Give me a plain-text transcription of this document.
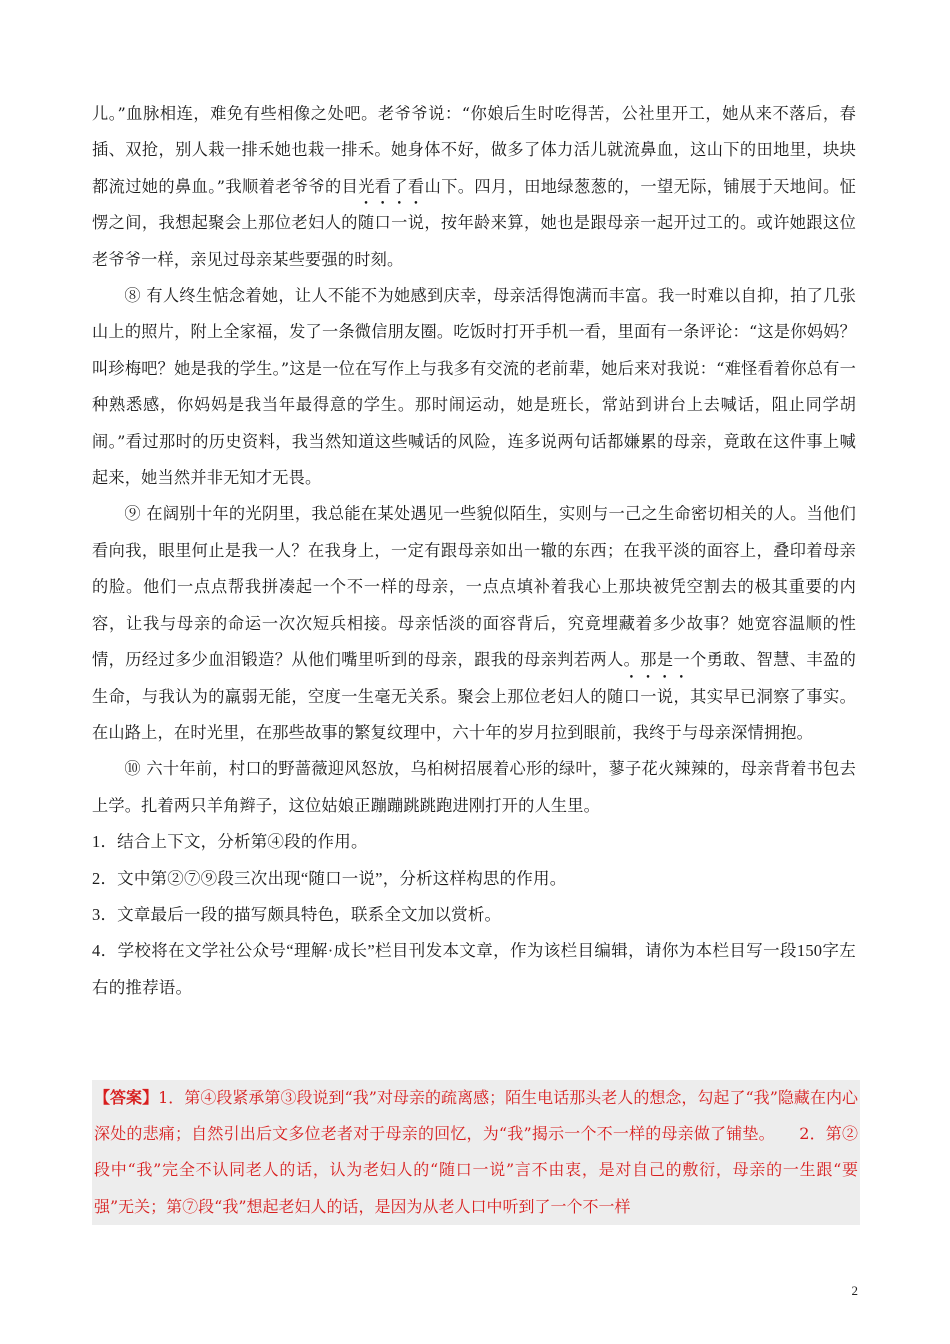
儿。”血脉相连，难免有些相像之处吧。老爷爷说：“你娘后生时吃得苦，公社里开工，她从来不落后，春插、双抢，别人栽一排禾她也栽一排禾。她身体不好，做多了体力活儿就流鼻血，这山下的田地里，块块都流过她的鼻血。”我顺着老爷爷的目光看了看山下。四月，田地绿葱葱的，一望无际，铺展于天地间。怔愣之间，我想起聚会上那位老妇人的随口一说，按年龄来算，她也是跟母亲一起开过工的。或许她跟这位老爷爷一样，亲见过母亲某些要强的时刻。

⑧ 有人终生惦念着她，让人不能不为她感到庆幸，母亲活得饱满而丰富。我一时难以自抑，拍了几张山上的照片，附上全家福，发了一条微信朋友圈。吃饭时打开手机一看，里面有一条评论：“这是你妈妈？叫珍梅吧？她是我的学生。”这是一位在写作上与我多有交流的老前辈，她后来对我说：“难怪看着你总有一种熟悉感，你妈妈是我当年最得意的学生。那时闹运动，她是班长，常站到讲台上去喊话，阻止同学胡闹。”看过那时的历史资料，我当然知道这些喊话的风险，连多说两句话都嫌累的母亲，竟敢在这件事上喊起来，她当然并非无知才无畏。

⑨ 在阔别十年的光阴里，我总能在某处遇见一些貌似陌生，实则与一己之生命密切相关的人。当他们看向我，眼里何止是我一人？在我身上，一定有跟母亲如出一辙的东西；在我平淡的面容上，叠印着母亲的脸。他们一点点帮我拼凑起一个不一样的母亲，一点点填补着我心上那块被凭空割去的极其重要的内容，让我与母亲的命运一次次短兵相接。母亲恬淡的面容背后，究竟埋藏着多少故事？她宽容温顺的性情，历经过多少血泪锻造？从他们嘴里听到的母亲，跟我的母亲判若两人。那是一个勇敢、智慧、丰盈的生命，与我认为的羸弱无能，空度一生毫无关系。聚会上那位老妇人的随口一说，其实早已洞察了事实。在山路上，在时光里，在那些故事的繁复纹理中，六十年的岁月拉到眼前，我终于与母亲深情拥抱。

⑩ 六十年前，村口的野蔷薇迎风怒放，乌桕树招展着心形的绿叶，蓼子花火辣辣的，母亲背着书包去上学。扎着两只羊角辫子，这位姑娘正蹦蹦跳跳跑进刚打开的人生里。

1．结合上下文，分析第④段的作用。

2．文中第②⑦⑨段三次出现“随口一说”，分析这样构思的作用。

3．文章最后一段的描写颇具特色，联系全文加以赏析。

4．学校将在文学社公众号“理解·成长”栏目刊发本文章，作为该栏目编辑，请你为本栏目写一段150字左右的推荐语。

【答案】1．第④段紧承第③段说到“我”对母亲的疏离感；陌生电话那头老人的想念，勾起了“我”隐藏在内心深处的悲痛；自然引出后文多位老者对于母亲的回忆，为“我”揭示一个不一样的母亲做了铺垫。　　2．第②段中“我”完全不认同老人的话，认为老妇人的“随口一说”言不由衷，是对自己的敷衍，母亲的一生跟“要强”无关；第⑦段“我”想起老妇人的话，是因为从老人口中听到了一个不一样
2
